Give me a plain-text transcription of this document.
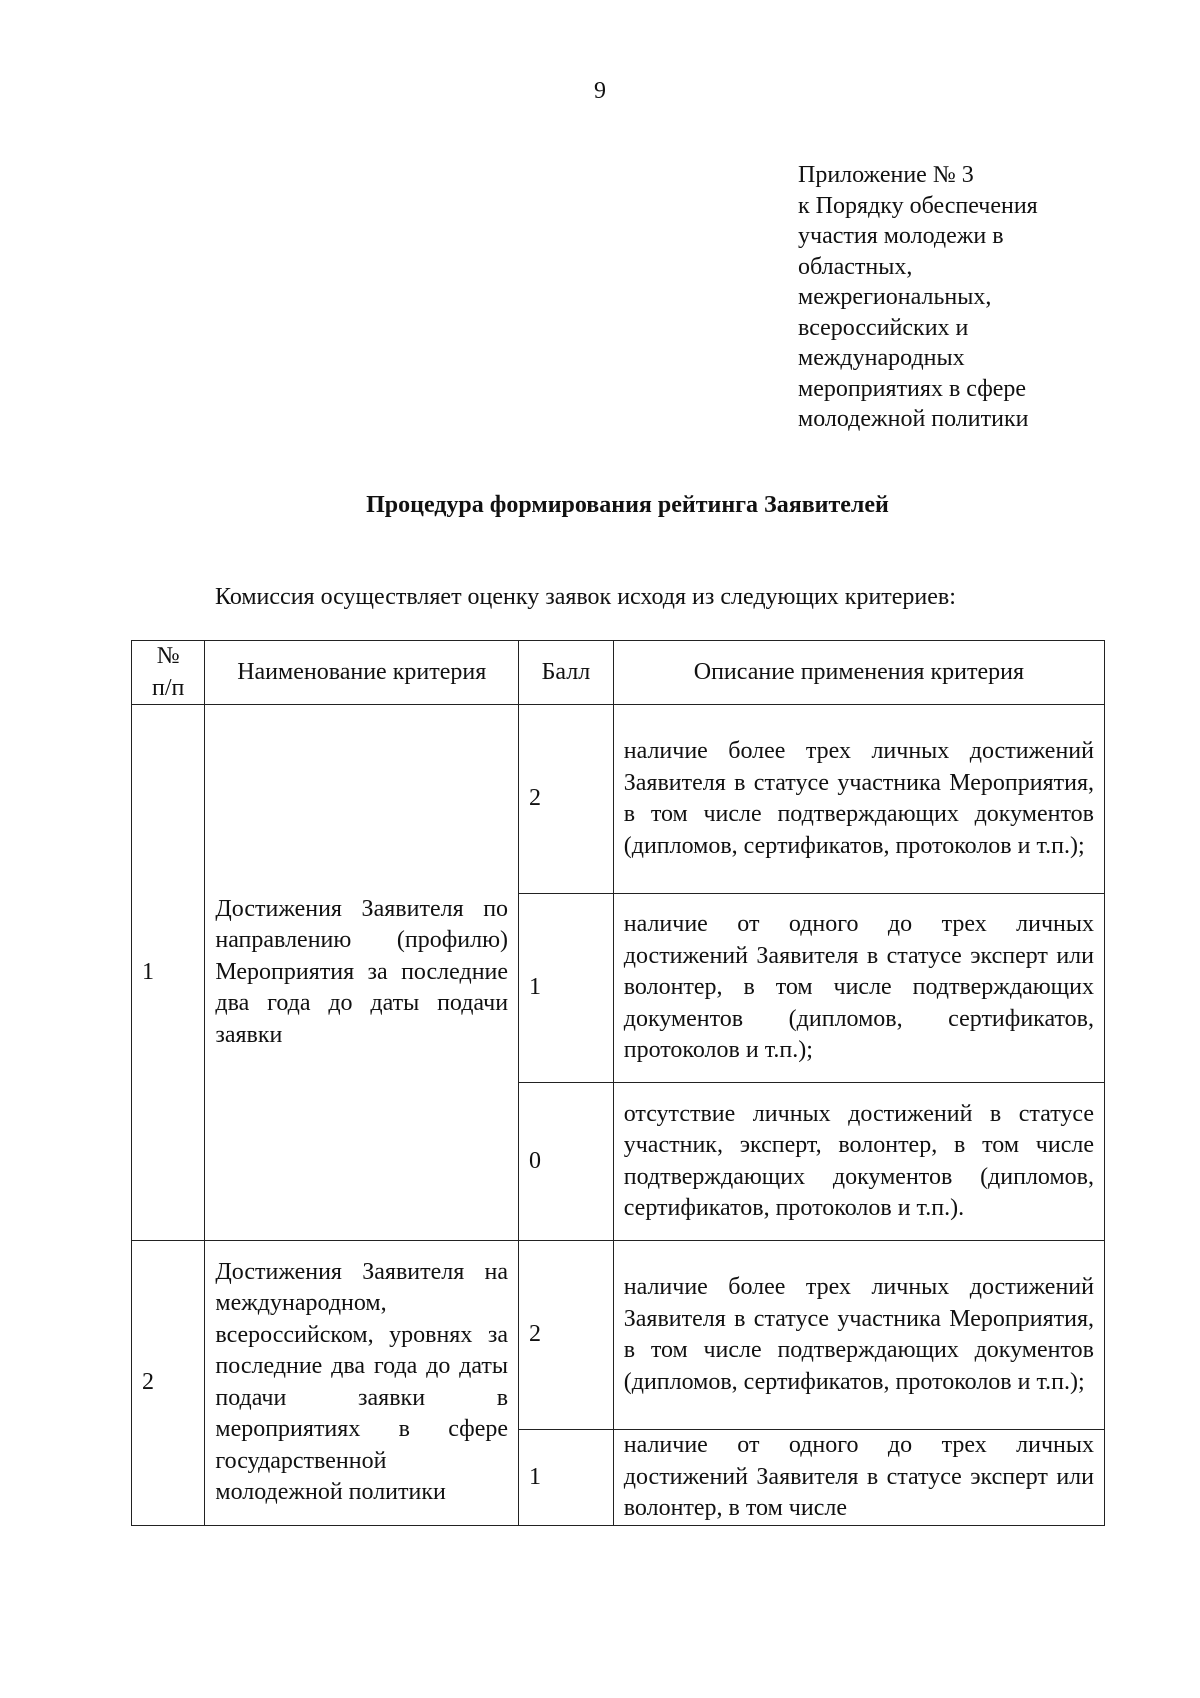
9
Приложение № 3
к Порядку обеспечения
участия молодежи в
областных,
межрегиональных,
всероссийских и
международных
мероприятиях в сфере
молодежной политики
Процедура формирования рейтинга Заявителей
Комиссия осуществляет оценку заявок исходя из следующих критериев:
№ п/п	Наименование критерия	Балл	Описание применения критерия
1	Достижения Заявителя по направлению (профилю) Мероприятия за последние два года до даты подачи заявки	2	наличие более трех личных достижений Заявителя в статусе участника Мероприятия, в том числе подтверждающих документов (дипломов, сертификатов, протоколов и т.п.);
		1	наличие от одного до трех личных достижений Заявителя в статусе эксперт или волонтер, в том числе подтверждающих документов (дипломов, сертификатов, протоколов и т.п.);
		0	отсутствие личных достижений в статусе участник, эксперт, волонтер, в том числе подтверждающих документов (дипломов, сертификатов, протоколов и т.п.).
2	Достижения Заявителя на международном, всероссийском, уровнях за последние два года до даты подачи заявки в мероприятиях в сфере государственной молодежной политики	2	наличие более трех личных достижений Заявителя в статусе участника Мероприятия, в том числе подтверждающих документов (дипломов, сертификатов, протоколов и т.п.);
		1	наличие от одного до трех личных достижений Заявителя в статусе эксперт или волонтер, в том числе
